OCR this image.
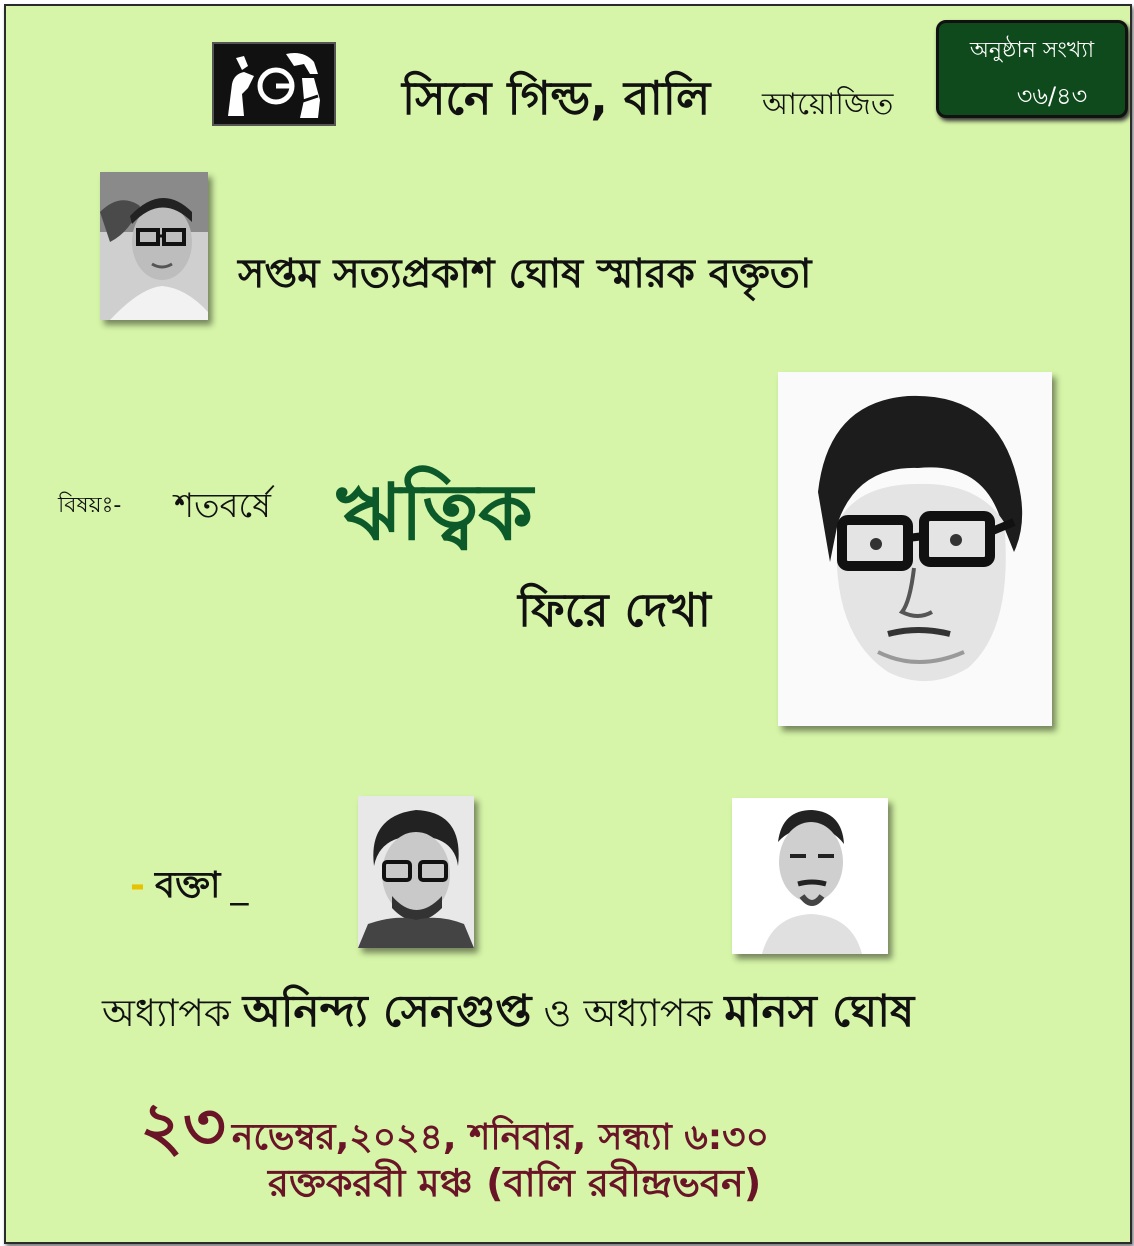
সিনে গিল্ড, বালি আয়োজিত
অনুষ্ঠান সংখ্যা
৩৬/৪৩
সপ্তম সত্যপ্রকাশ ঘোষ স্মারক বক্তৃতা
বিষয়ঃ- শতবর্ষে ঋত্বিক
ফিরে দেখা
- বক্তা _
অধ্যাপক অনিন্দ্য সেনগুপ্ত ও অধ্যাপক মানস ঘোষ
২৩ নভেম্বর,২০২৪, শনিবার, সন্ধ্যা ৬:৩০
রক্তকরবী মঞ্চ (বালি রবীন্দ্রভবন)
